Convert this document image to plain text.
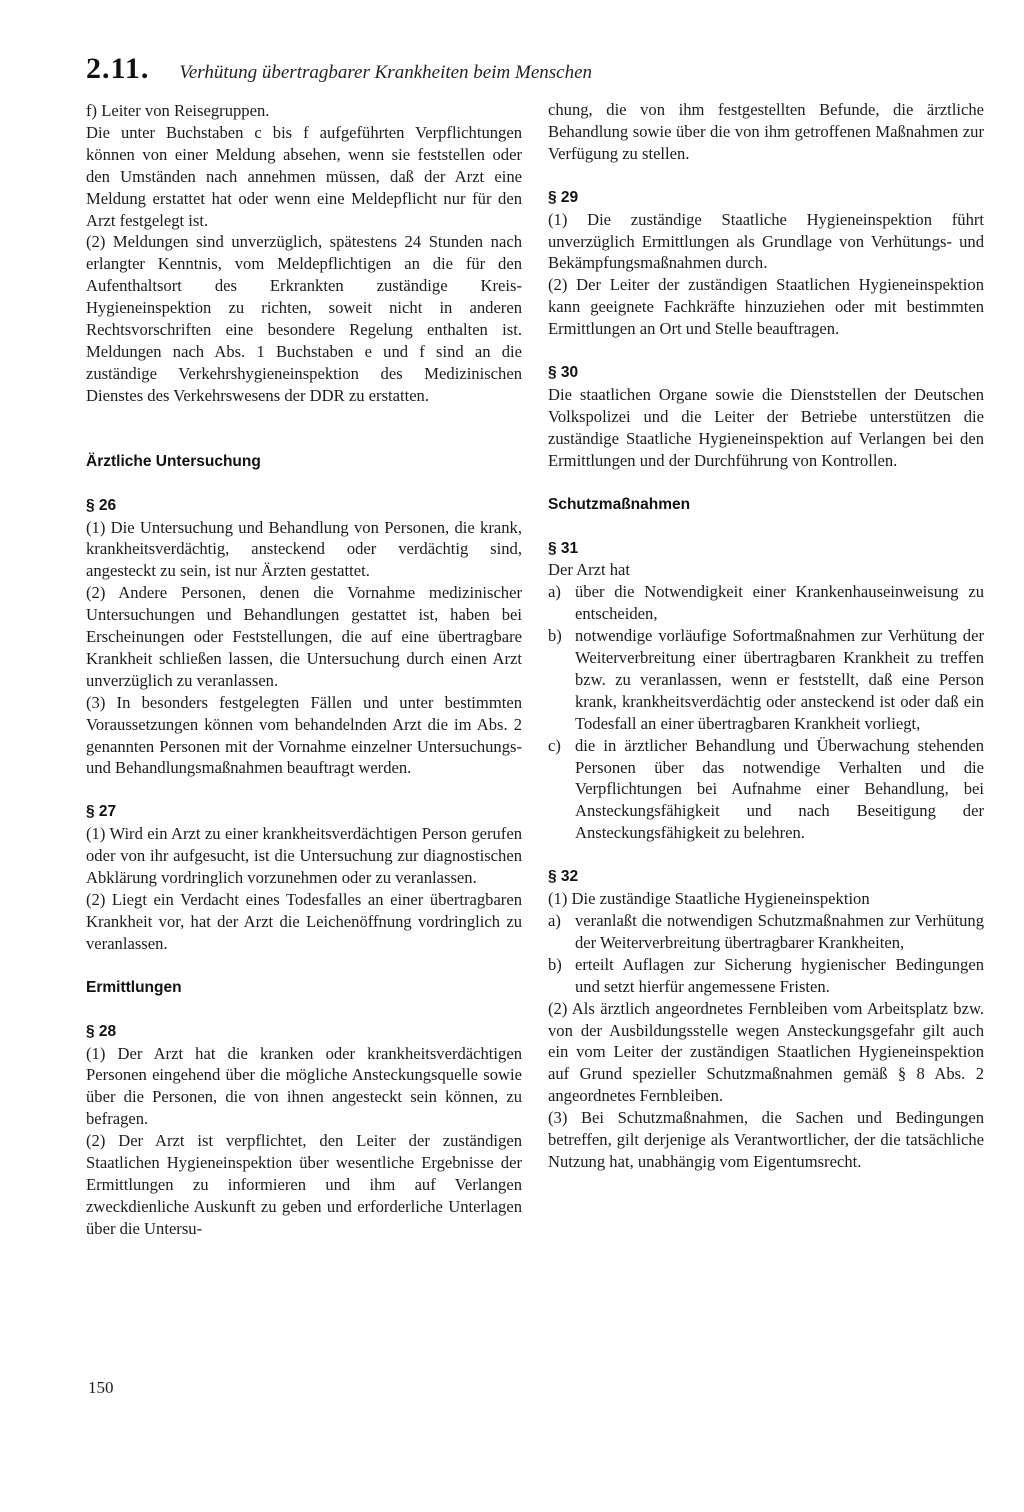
2.11. Verhütung übertragbarer Krankheiten beim Menschen

f) Leiter von Reisegruppen.

Die unter Buchstaben c bis f aufgeführten Verpflichtungen können von einer Meldung absehen, wenn sie feststellen oder den Umständen nach annehmen müssen, daß der Arzt eine Meldung erstattet hat oder wenn eine Meldepflicht nur für den Arzt festgelegt ist.

(2) Meldungen sind unverzüglich, spätestens 24 Stunden nach erlangter Kenntnis, vom Meldepflichtigen an die für den Aufenthaltsort des Erkrankten zuständige Kreis-Hygieneinspektion zu richten, soweit nicht in anderen Rechtsvorschriften eine besondere Regelung enthalten ist. Meldungen nach Abs. 1 Buchstaben e und f sind an die zuständige Verkehrshygieneinspektion des Medizinischen Dienstes des Verkehrswesens der DDR zu erstatten.

Ärztliche Untersuchung
§ 26

(1) Die Untersuchung und Behandlung von Personen, die krank, krankheitsverdächtig, ansteckend oder verdächtig sind, angesteckt zu sein, ist nur Ärzten gestattet.

(2) Andere Personen, denen die Vornahme medizinischer Untersuchungen und Behandlungen gestattet ist, haben bei Erscheinungen oder Feststellungen, die auf eine übertragbare Krankheit schließen lassen, die Untersuchung durch einen Arzt unverzüglich zu veranlassen.

(3) In besonders festgelegten Fällen und unter bestimmten Voraussetzungen können vom behandelnden Arzt die im Abs. 2 genannten Personen mit der Vornahme einzelner Untersuchungs- und Behandlungsmaßnahmen beauftragt werden.

§ 27

(1) Wird ein Arzt zu einer krankheitsverdächtigen Person gerufen oder von ihr aufgesucht, ist die Untersuchung zur diagnostischen Abklärung vordringlich vorzunehmen oder zu veranlassen.

(2) Liegt ein Verdacht eines Todesfalles an einer übertragbaren Krankheit vor, hat der Arzt die Leichenöffnung vordringlich zu veranlassen.

Ermittlungen
§ 28

(1) Der Arzt hat die kranken oder krankheitsverdächtigen Personen eingehend über die mögliche Ansteckungsquelle sowie über die Personen, die von ihnen angesteckt sein können, zu befragen.

(2) Der Arzt ist verpflichtet, den Leiter der zuständigen Staatlichen Hygieneinspektion über wesentliche Ergebnisse der Ermittlungen zu informieren und ihm auf Verlangen zweckdienliche Auskunft zu geben und erforderliche Unterlagen über die Untersu-

chung, die von ihm festgestellten Befunde, die ärztliche Behandlung sowie über die von ihm getroffenen Maßnahmen zur Verfügung zu stellen.

§ 29

(1) Die zuständige Staatliche Hygieneinspektion führt unverzüglich Ermittlungen als Grundlage von Verhütungs- und Bekämpfungsmaßnahmen durch.

(2) Der Leiter der zuständigen Staatlichen Hygieneinspektion kann geeignete Fachkräfte hinzuziehen oder mit bestimmten Ermittlungen an Ort und Stelle beauftragen.

§ 30

Die staatlichen Organe sowie die Dienststellen der Deutschen Volkspolizei und die Leiter der Betriebe unterstützen die zuständige Staatliche Hygieneinspektion auf Verlangen bei den Ermittlungen und der Durchführung von Kontrollen.

Schutzmaßnahmen
§ 31

Der Arzt hat

a) über die Notwendigkeit einer Krankenhauseinweisung zu entscheiden,
b) notwendige vorläufige Sofortmaßnahmen zur Verhütung der Weiterverbreitung einer übertragbaren Krankheit zu treffen bzw. zu veranlassen, wenn er feststellt, daß eine Person krank, krankheitsverdächtig oder ansteckend ist oder daß ein Todesfall an einer übertragbaren Krankheit vorliegt,
c) die in ärztlicher Behandlung und Überwachung stehenden Personen über das notwendige Verhalten und die Verpflichtungen bei Aufnahme einer Behandlung, bei Ansteckungsfähigkeit und nach Beseitigung der Ansteckungsfähigkeit zu belehren.
§ 32

(1) Die zuständige Staatliche Hygieneinspektion

a) veranlaßt die notwendigen Schutzmaßnahmen zur Verhütung der Weiterverbreitung übertragbarer Krankheiten,
b) erteilt Auflagen zur Sicherung hygienischer Bedingungen und setzt hierfür angemessene Fristen.

(2) Als ärztlich angeordnetes Fernbleiben vom Arbeitsplatz bzw. von der Ausbildungsstelle wegen Ansteckungsgefahr gilt auch ein vom Leiter der zuständigen Staatlichen Hygieneinspektion auf Grund spezieller Schutzmaßnahmen gemäß § 8 Abs. 2 angeordnetes Fernbleiben.

(3) Bei Schutzmaßnahmen, die Sachen und Bedingungen betreffen, gilt derjenige als Verantwortlicher, der die tatsächliche Nutzung hat, unabhängig vom Eigentumsrecht.

150
